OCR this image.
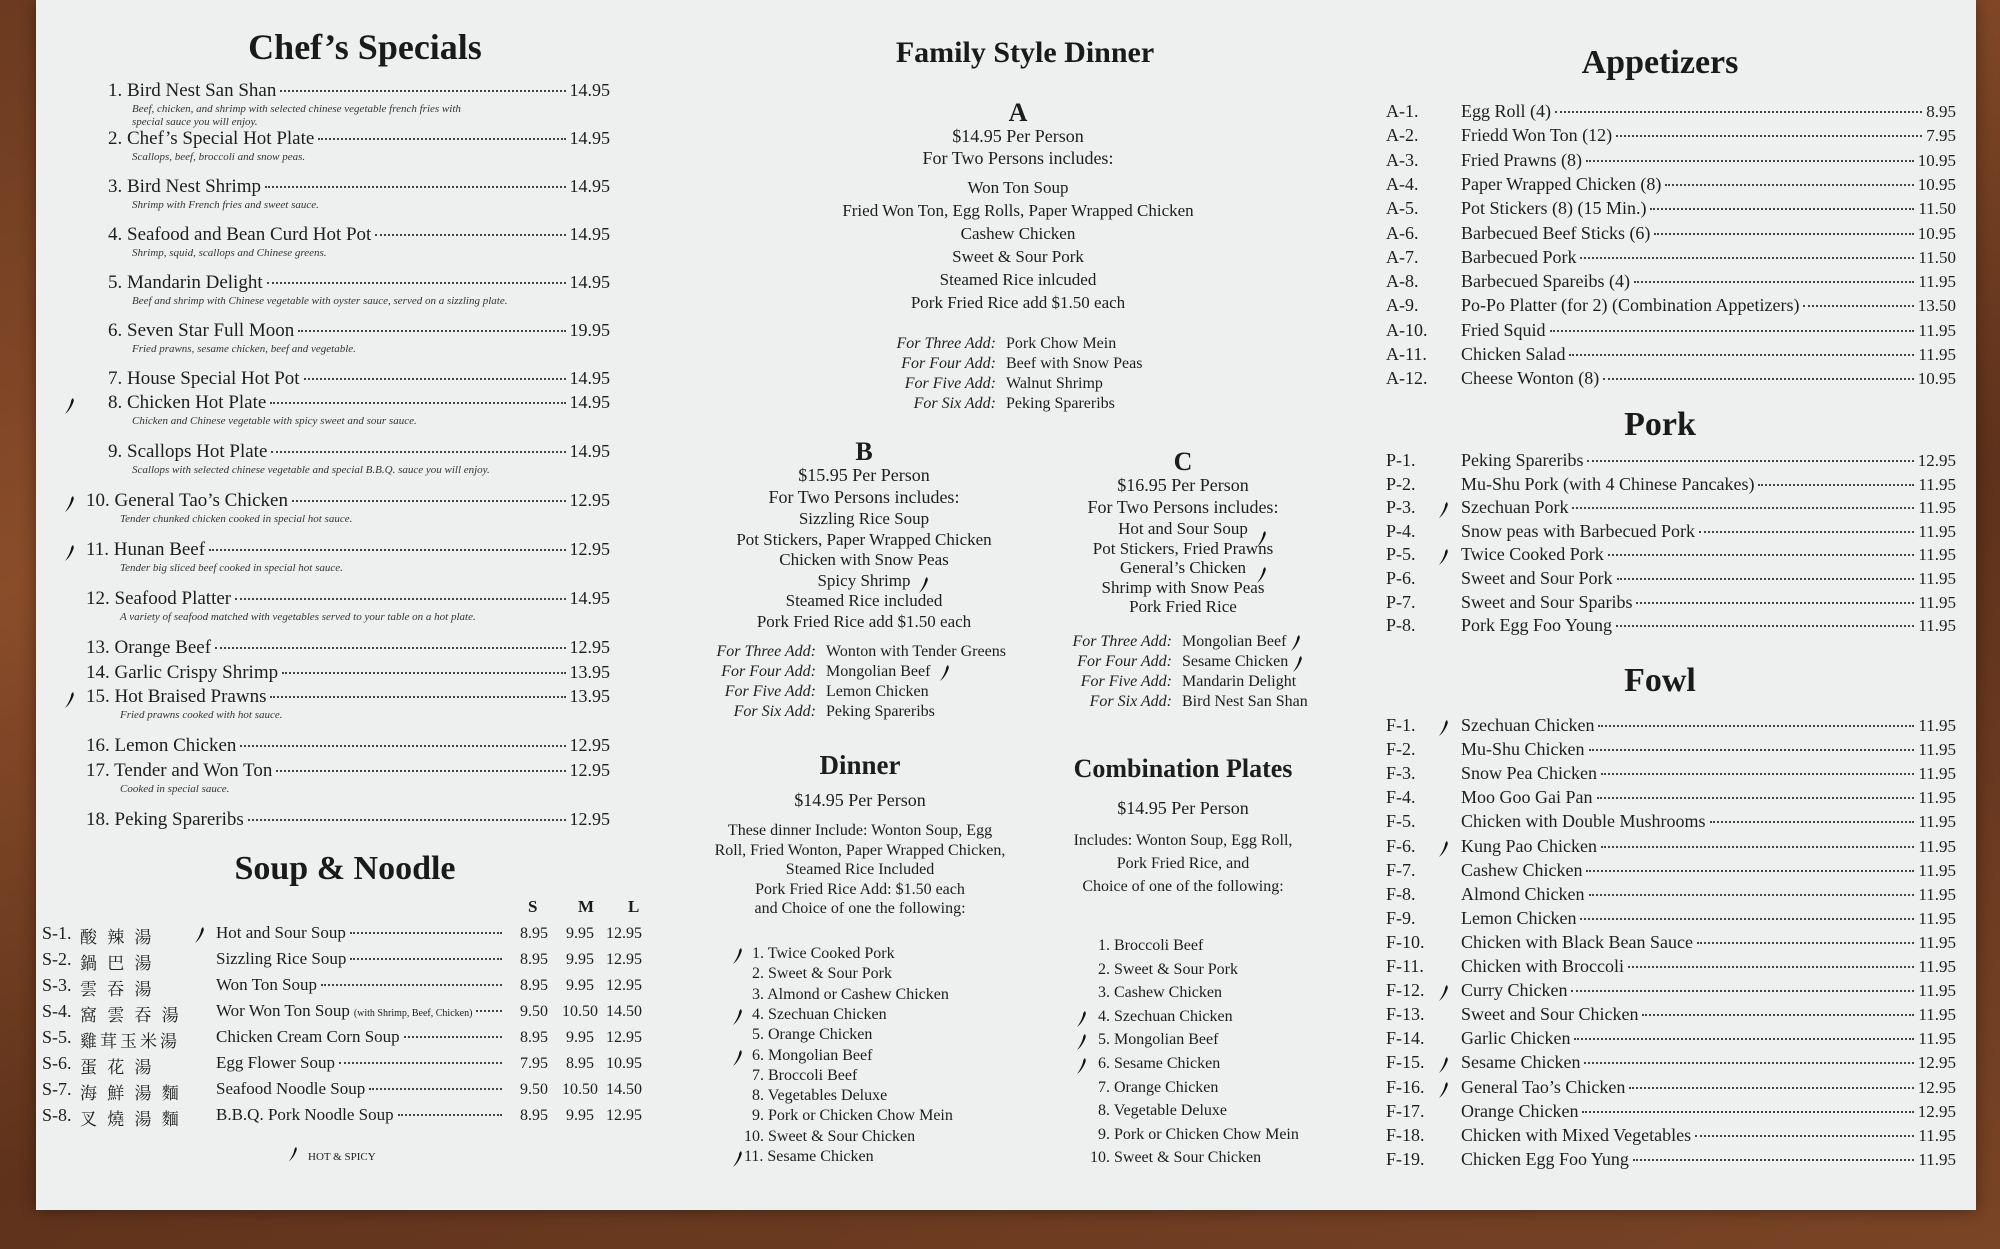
Chef’s Specials
1. Bird Nest San Shan	14.95
Beef, chicken, and shrimp with selected chinese vegetable french fries with
special sauce you will enjoy.
2. Chef’s Special Hot Plate	14.95
Scallops, beef, broccoli and snow peas.
3. Bird Nest Shrimp	14.95
Shrimp with French fries and sweet sauce.
4. Seafood and Bean Curd Hot Pot	14.95
Shrimp, squid, scallops and Chinese greens.
5. Mandarin Delight	14.95
Beef and shrimp with Chinese vegetable with oyster sauce, served on a sizzling plate.
6. Seven Star Full Moon	19.95
Fried prawns, sesame chicken, beef and vegetable.
7. House Special Hot Pot	14.95
8. Chicken Hot Plate	14.95
Chicken and Chinese vegetable with spicy sweet and sour sauce.
9. Scallops Hot Plate	14.95
Scallops with selected chinese vegetable and special B.B.Q. sauce you will enjoy.
10. General Tao’s Chicken	12.95
Tender chunked chicken cooked in special hot sauce.
11. Hunan Beef	12.95
Tender big sliced beef cooked in special hot sauce.
12. Seafood Platter	14.95
A variety of seafood matched with vegetables served to your table on a hot plate.
13. Orange Beef	12.95
14. Garlic Crispy Shrimp	13.95
15. Hot Braised Prawns	13.95
Fried prawns cooked with hot sauce.
16. Lemon Chicken	12.95
17. Tender and Won Ton	12.95
Cooked in special sauce.
18. Peking Spareribs	12.95
Soup & Noodle
S M L
S-1. 酸 辣 湯	Hot and Sour Soup	8.95	9.95 12.95
S-2. 鍋 巴 湯	Sizzling Rice Soup	8.95	9.95 12.95
S-3. 雲 吞 湯	Won Ton Soup	8.95	9.95 12.95
S-4. 窩 雲 吞 湯 Wor Won Ton Soup (with Shrimp, Beef, Chicken)	9.50 10.50 14.50
S-5. 雞茸玉米湯 Chicken Cream Corn Soup	8.95	9.95 12.95
S-6. 蛋 花 湯	Egg Flower Soup	7.95	8.95 10.95
S-7. 海 鮮 湯 麵 Seafood Noodle Soup	9.50 10.50 14.50
S-8. 叉 燒 湯 麵 B.B.Q. Pork Noodle Soup	8.95	9.95 12.95
HOT & SPICY
Family Style Dinner
A
$14.95 Per Person
For Two Persons includes:
Won Ton Soup
Fried Won Ton, Egg Rolls, Paper Wrapped Chicken
Cashew Chicken
Sweet & Sour Pork
Steamed Rice inlcuded
Pork Fried Rice add $1.50 each
For Three Add: Pork Chow Mein
For Four Add: Beef with Snow Peas
For Five Add: Walnut Shrimp
For Six Add: Peking Spareribs
B
$15.95 Per Person
For Two Persons includes:
Sizzling Rice Soup
Pot Stickers, Paper Wrapped Chicken
Chicken with Snow Peas
Spicy Shrimp
Steamed Rice included
Pork Fried Rice add $1.50 each
For Three Add: Wonton with Tender Greens
For Four Add: Mongolian Beef
For Five Add: Lemon Chicken
For Six Add: Peking Spareribs
C
$16.95 Per Person
For Two Persons includes:
Hot and Sour Soup
Pot Stickers, Fried Prawns
General’s Chicken
Shrimp with Snow Peas
Pork Fried Rice
For Three Add: Mongolian Beef
For Four Add: Sesame Chicken
For Five Add: Mandarin Delight
For Six Add: Bird Nest San Shan
Dinner
$14.95 Per Person
These dinner Include: Wonton Soup, Egg
Roll, Fried Wonton, Paper Wrapped Chicken,
Steamed Rice Included
Pork Fried Rice Add: $1.50 each
and Choice of one the following:
1. Twice Cooked Pork
2. Sweet & Sour Pork
3. Almond or Cashew Chicken
4. Szechuan Chicken
5. Orange Chicken
6. Mongolian Beef
7. Broccoli Beef
8. Vegetables Deluxe
9. Pork or Chicken Chow Mein
10. Sweet & Sour Chicken
11. Sesame Chicken
Combination Plates
$14.95 Per Person
Includes: Wonton Soup, Egg Roll,
Pork Fried Rice, and
Choice of one of the following:
1. Broccoli Beef
2. Sweet & Sour Pork
3. Cashew Chicken
4. Szechuan Chicken
5. Mongolian Beef
6. Sesame Chicken
7. Orange Chicken
8. Vegetable Deluxe
9. Pork or Chicken Chow Mein
10. Sweet & Sour Chicken
Appetizers
A-1.	Egg Roll (4)	8.95
A-2.	Friedd Won Ton (12)	7.95
A-3.	Fried Prawns (8)	10.95
A-4.	Paper Wrapped Chicken (8)	10.95
A-5.	Pot Stickers (8) (15 Min.)	11.50
A-6.	Barbecued Beef Sticks (6)	10.95
A-7.	Barbecued Pork	11.50
A-8.	Barbecued Spareibs (4)	11.95
A-9.	Po-Po Platter (for 2) (Combination Appetizers)	13.50
A-10.	Fried Squid	11.95
A-11.	Chicken Salad	11.95
A-12.	Cheese Wonton (8)	10.95
Pork
P-1.	Peking Spareribs	12.95
P-2.	Mu-Shu Pork (with 4 Chinese Pancakes)	11.95
P-3.	Szechuan Pork	11.95
P-4.	Snow peas with Barbecued Pork	11.95
P-5.	Twice Cooked Pork	11.95
P-6.	Sweet and Sour Pork	11.95
P-7.	Sweet and Sour Sparibs	11.95
P-8.	Pork Egg Foo Young	11.95
Fowl
F-1.	Szechuan Chicken	11.95
F-2.	Mu-Shu Chicken	11.95
F-3.	Snow Pea Chicken	11.95
F-4.	Moo Goo Gai Pan	11.95
F-5.	Chicken with Double Mushrooms	11.95
F-6.	Kung Pao Chicken	11.95
F-7.	Cashew Chicken	11.95
F-8.	Almond Chicken	11.95
F-9.	Lemon Chicken	11.95
F-10.	Chicken with Black Bean Sauce	11.95
F-11.	Chicken with Broccoli	11.95
F-12.	Curry Chicken	11.95
F-13.	Sweet and Sour Chicken	11.95
F-14.	Garlic Chicken	11.95
F-15.	Sesame Chicken	12.95
F-16.	General Tao’s Chicken	12.95
F-17.	Orange Chicken	12.95
F-18.	Chicken with Mixed Vegetables	11.95
F-19.	Chicken Egg Foo Yung	11.95
